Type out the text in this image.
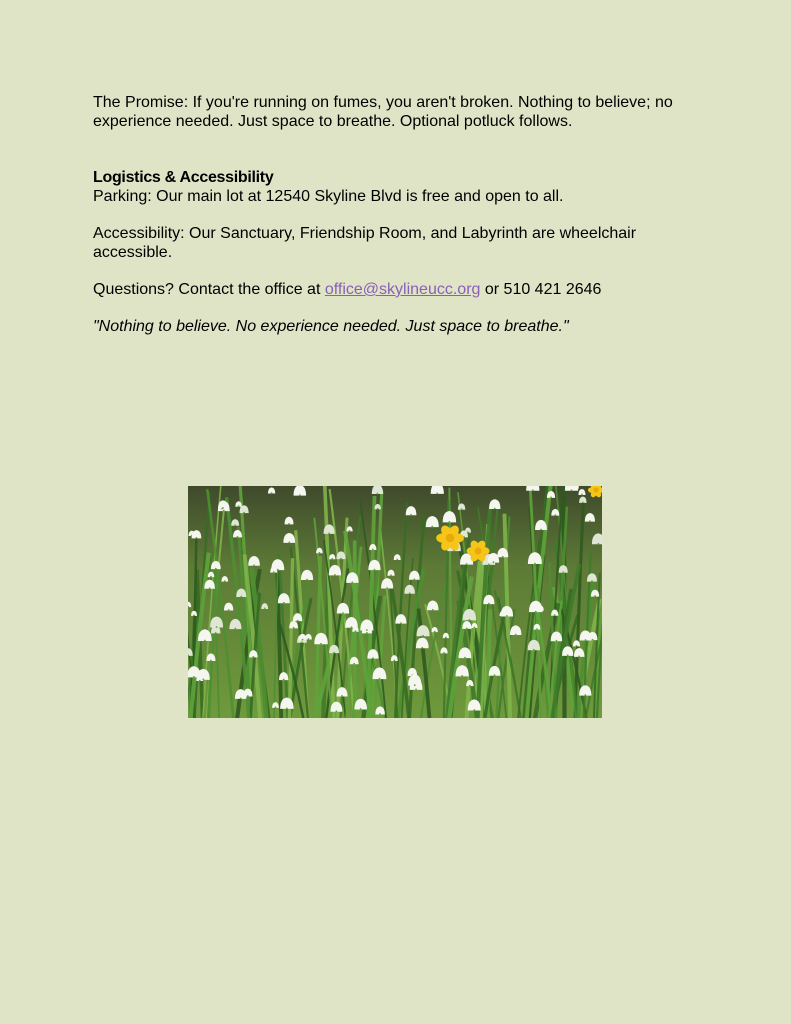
The Promise: If you're running on fumes, you aren't broken. Nothing to believe; no experience needed. Just space to breathe. Optional potluck follows.

Logistics & Accessibility

Parking: Our main lot at 12540 Skyline Blvd is free and open to all.

Accessibility: Our Sanctuary, Friendship Room, and Labyrinth are wheelchair accessible.

Questions? Contact the office at office@skylineucc.org or 510 421 2646

"Nothing to believe. No experience needed. Just space to breathe."
